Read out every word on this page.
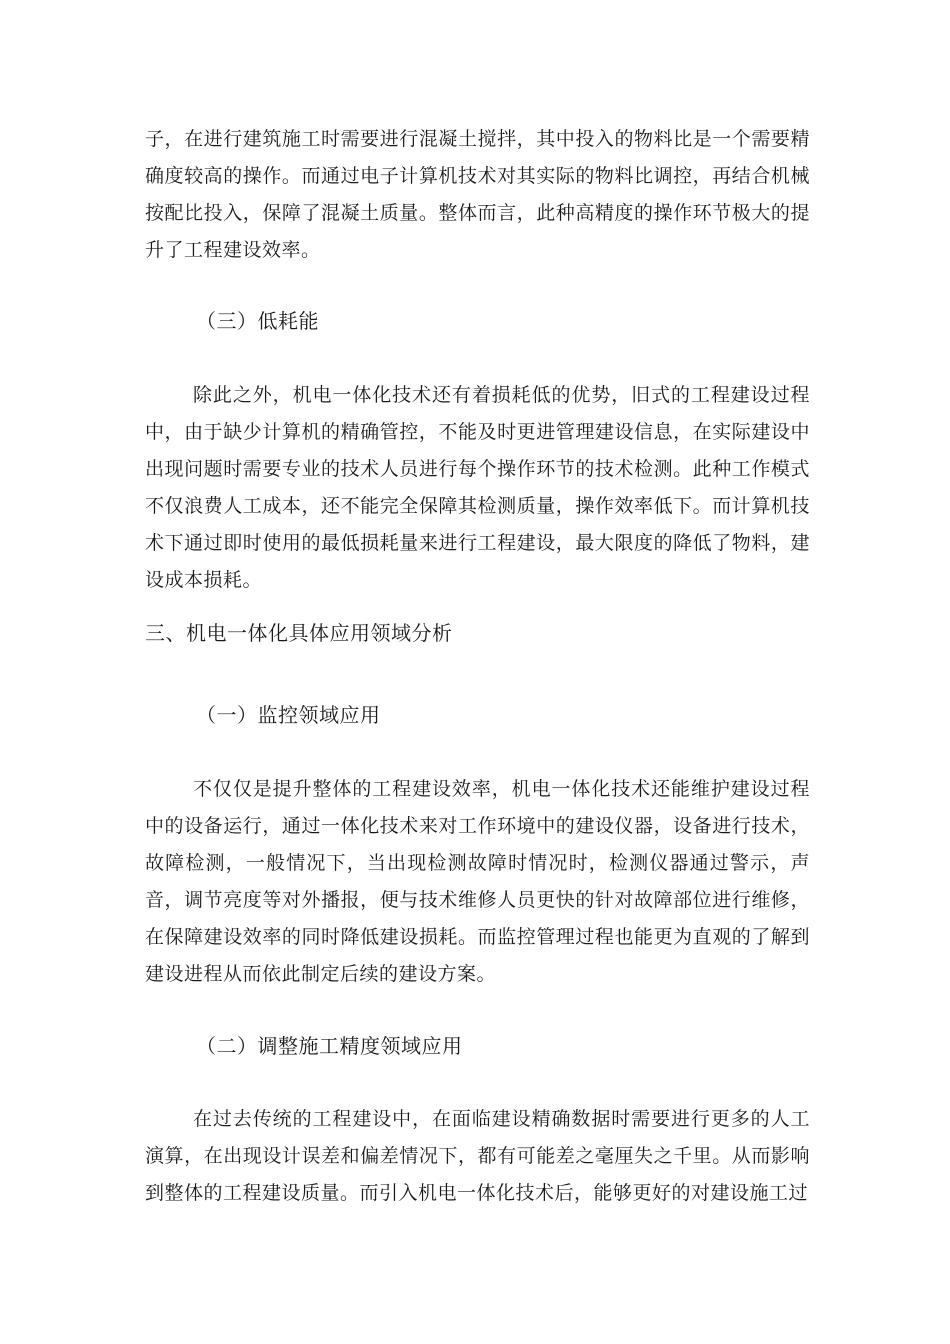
子，在进行建筑施工时需要进行混凝土搅拌，其中投入的物料比是一个需要精确度较高的操作。而通过电子计算机技术对其实际的物料比调控，再结合机械按配比投入，保障了混凝土质量。整体而言，此种高精度的操作环节极大的提升了工程建设效率。

（三）低耗能

除此之外，机电一体化技术还有着损耗低的优势，旧式的工程建设过程中，由于缺少计算机的精确管控，不能及时更进管理建设信息，在实际建设中出现问题时需要专业的技术人员进行每个操作环节的技术检测。此种工作模式不仅浪费人工成本，还不能完全保障其检测质量，操作效率低下。而计算机技术下通过即时使用的最低损耗量来进行工程建设，最大限度的降低了物料，建设成本损耗。

三、机电一体化具体应用领域分析
（一）监控领域应用

不仅仅是提升整体的工程建设效率，机电一体化技术还能维护建设过程中的设备运行，通过一体化技术来对工作环境中的建设仪器，设备进行技术，故障检测，一般情况下，当出现检测故障时情况时，检测仪器通过警示，声音，调节亮度等对外播报，便与技术维修人员更快的针对故障部位进行维修，在保障建设效率的同时降低建设损耗。而监控管理过程也能更为直观的了解到建设进程从而依此制定后续的建设方案。

（二）调整施工精度领域应用

在过去传统的工程建设中，在面临建设精确数据时需要进行更多的人工演算，在出现设计误差和偏差情况下，都有可能差之毫厘失之千里。从而影响到整体的工程建设质量。而引入机电一体化技术后，能够更好的对建设施工过
